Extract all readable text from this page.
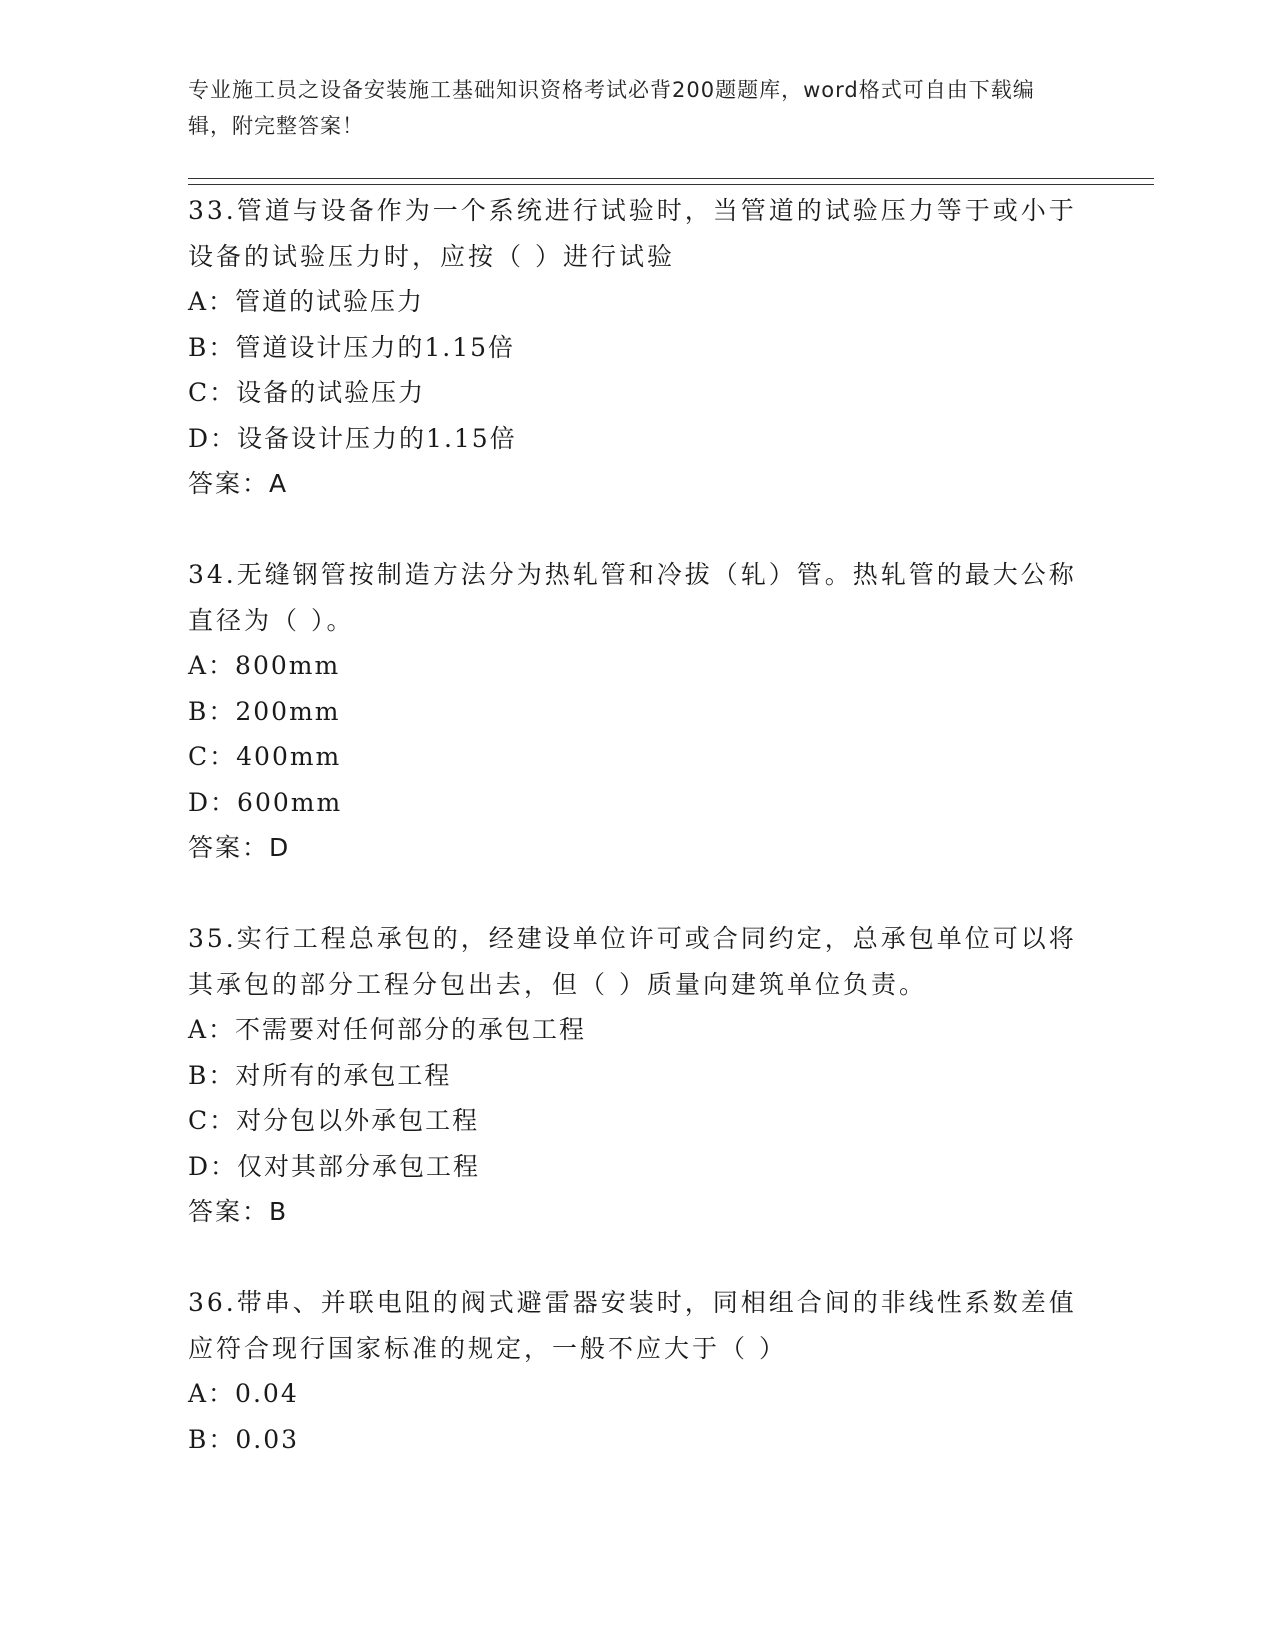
专业施工员之设备安装施工基础知识资格考试必背200题题库，word格式可自由下载编辑，附完整答案！

33.管道与设备作为一个系统进行试验时，当管道的试验压力等于或小于设备的试验压力时，应按（ ）进行试验

A：管道的试验压力

B：管道设计压力的1.15倍

C：设备的试验压力

D：设备设计压力的1.15倍

答案：A

34.无缝钢管按制造方法分为热轧管和冷拔（轧）管。热轧管的最大公称直径为（ ）。

A：800mm

B：200mm

C：400mm

D：600mm

答案：D

35.实行工程总承包的，经建设单位许可或合同约定，总承包单位可以将其承包的部分工程分包出去，但（ ）质量向建筑单位负责。

A：不需要对任何部分的承包工程

B：对所有的承包工程

C：对分包以外承包工程

D：仅对其部分承包工程

答案：B

36.带串、并联电阻的阀式避雷器安装时，同相组合间的非线性系数差值应符合现行国家标准的规定，一般不应大于（ ）

A：0.04

B：0.03
